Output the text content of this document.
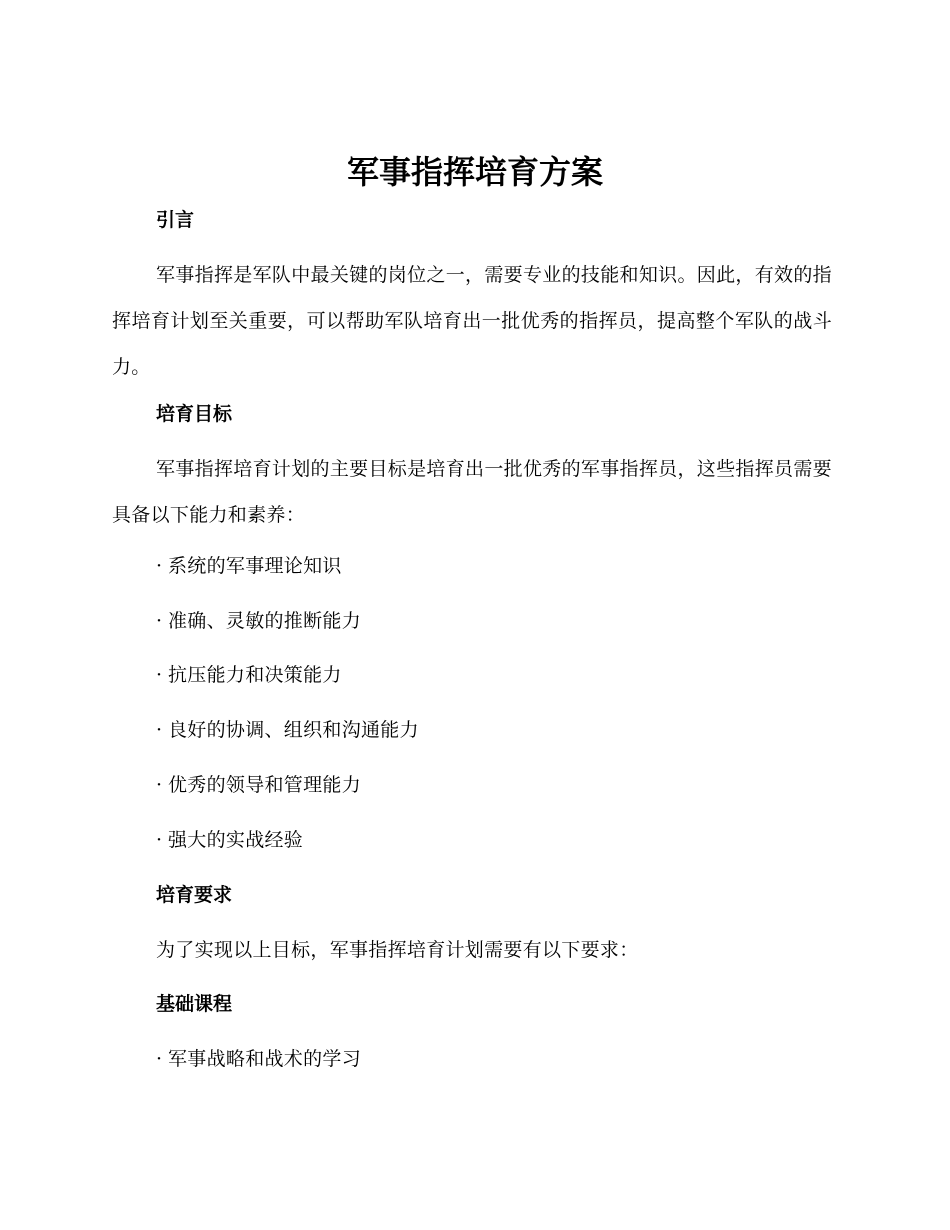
军事指挥培育方案
引言

军事指挥是军队中最关键的岗位之一，需要专业的技能和知识。因此，有效的指挥培育计划至关重要，可以帮助军队培育出一批优秀的指挥员，提高整个军队的战斗力。

培育目标

军事指挥培育计划的主要目标是培育出一批优秀的军事指挥员，这些指挥员需要具备以下能力和素养：

· 系统的军事理论知识

· 准确、灵敏的推断能力

· 抗压能力和决策能力

· 良好的协调、组织和沟通能力

· 优秀的领导和管理能力

· 强大的实战经验

培育要求

为了实现以上目标，军事指挥培育计划需要有以下要求：

基础课程

· 军事战略和战术的学习
